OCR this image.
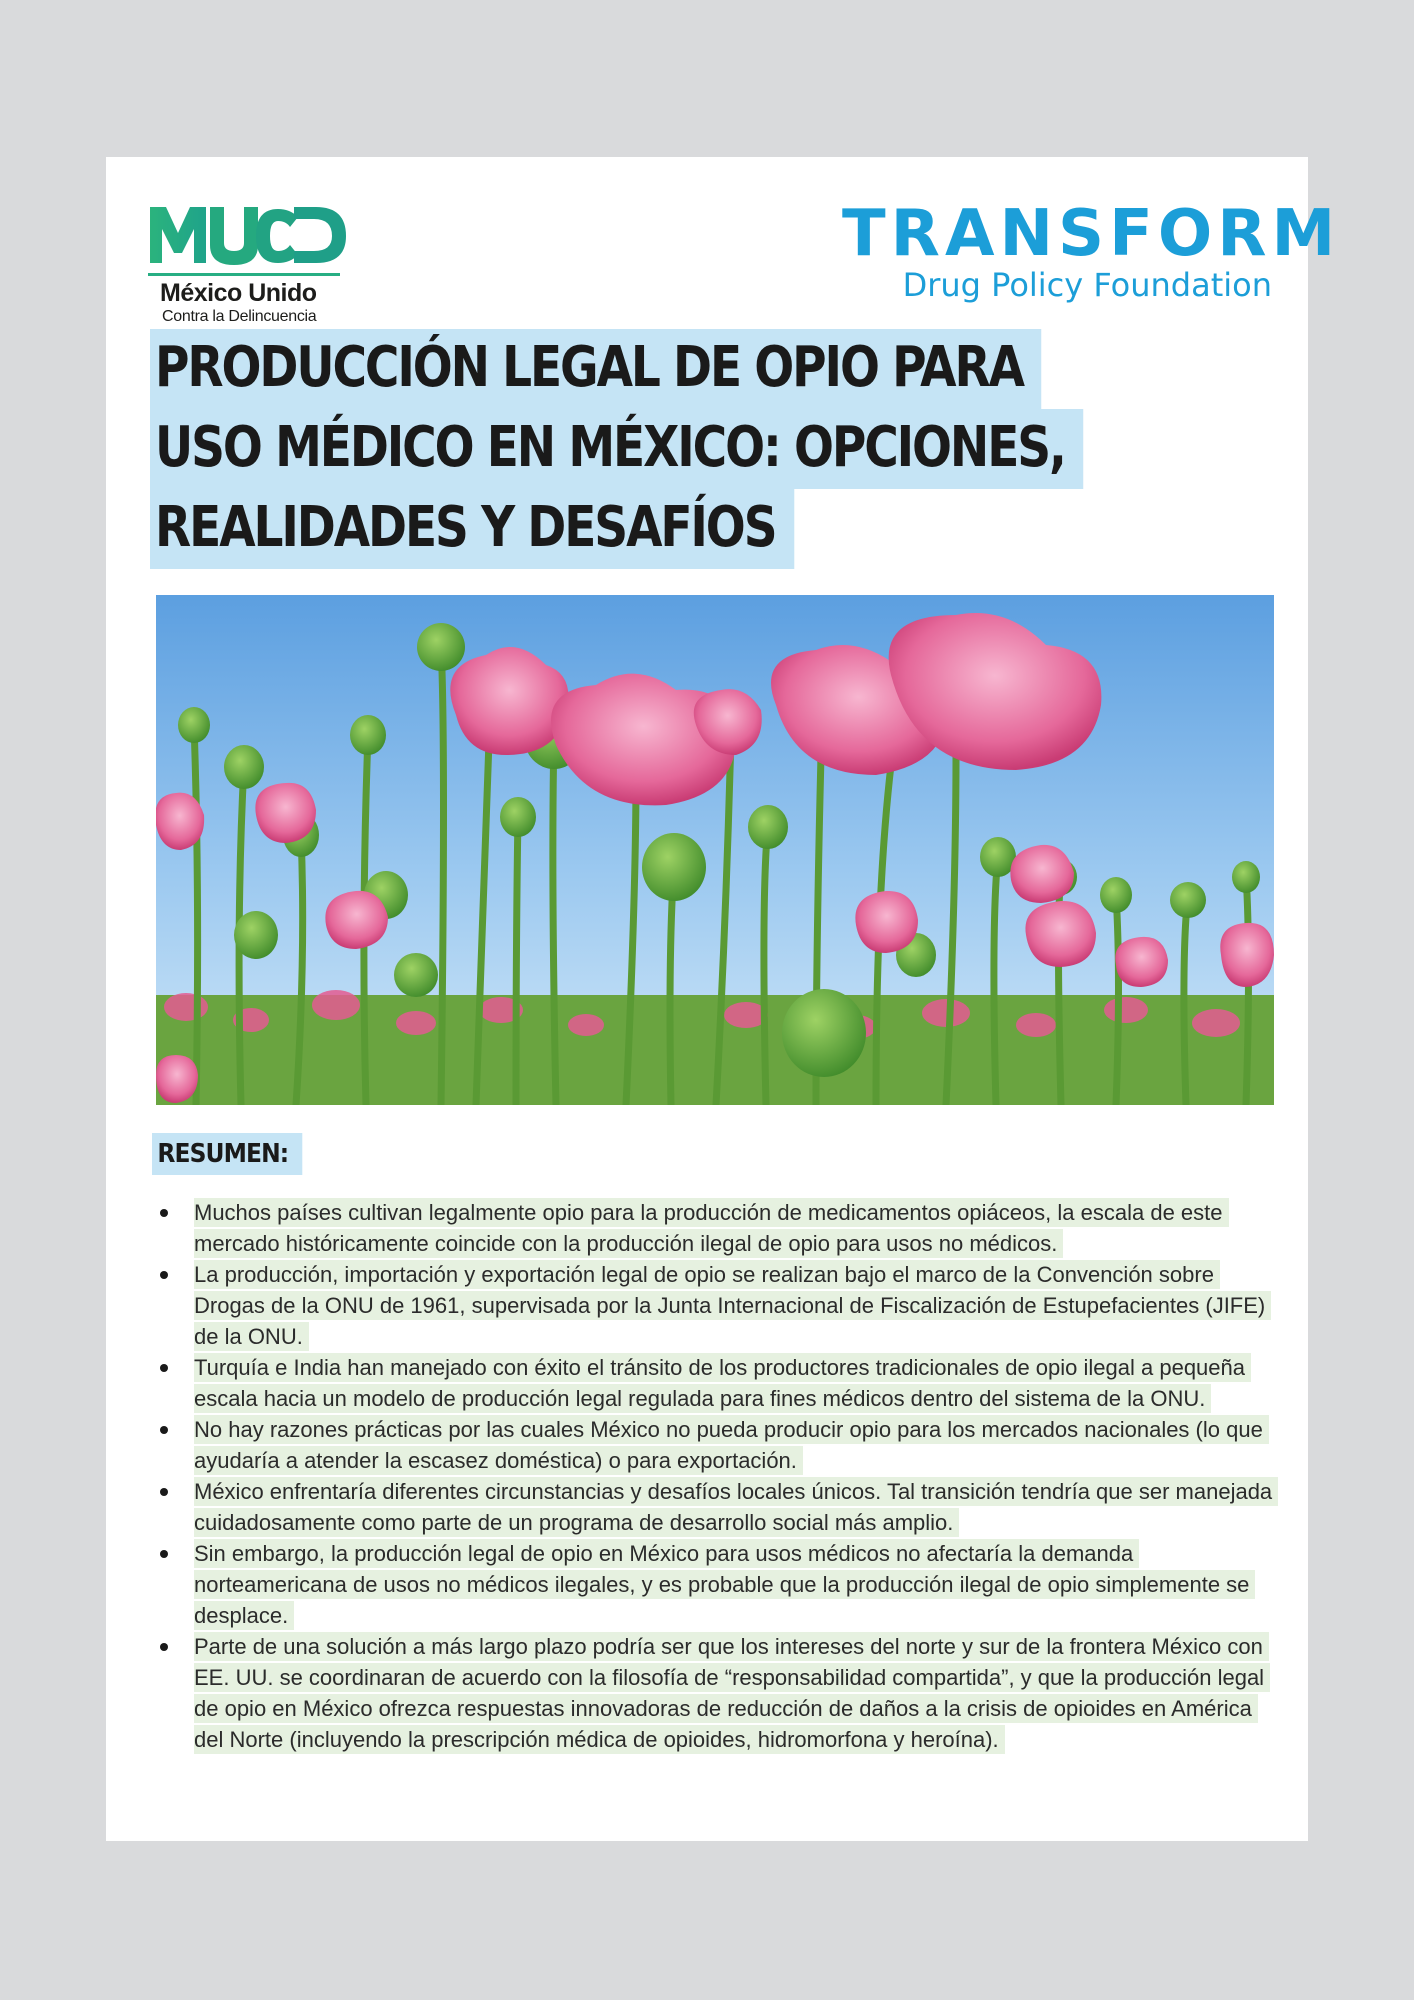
México Unido
Contra la Delincuencia
TRANSFORM
Drug Policy Foundation
PRODUCCIÓN LEGAL DE OPIO PARA
USO MÉDICO EN MÉXICO: OPCIONES,
REALIDADES Y DESAFÍOS
RESUMEN:
Muchos países cultivan legalmente opio para la producción de medicamentos opiáceos, la escala de este mercado históricamente coincide con la producción ilegal de opio para usos no médicos.
La producción, importación y exportación legal de opio se realizan bajo el marco de la Convención sobre Drogas de la ONU de 1961, supervisada por la Junta Internacional de Fiscalización de Estupefacientes (JIFE) de la ONU.
Turquía e India han manejado con éxito el tránsito de los productores tradicionales de opio ilegal a pequeña escala hacia un modelo de producción legal regulada para fines médicos dentro del sistema de la ONU.
No hay razones prácticas por las cuales México no pueda producir opio para los mercados nacionales (lo que ayudaría a atender la escasez doméstica) o para exportación.
México enfrentaría diferentes circunstancias y desafíos locales únicos. Tal transición tendría que ser manejada cuidadosamente como parte de un programa de desarrollo social más amplio.
Sin embargo, la producción legal de opio en México para usos médicos no afectaría la demanda norteamericana de usos no médicos ilegales, y es probable que la producción ilegal de opio simplemente se desplace.
Parte de una solución a más largo plazo podría ser que los intereses del norte y sur de la frontera México con EE. UU. se coordinaran de acuerdo con la filosofía de “responsabilidad compartida”, y que la producción legal de opio en México ofrezca respuestas innovadoras de reducción de daños a la crisis de opioides en América del Norte (incluyendo la prescripción médica de opioides, hidromorfona y heroína).
